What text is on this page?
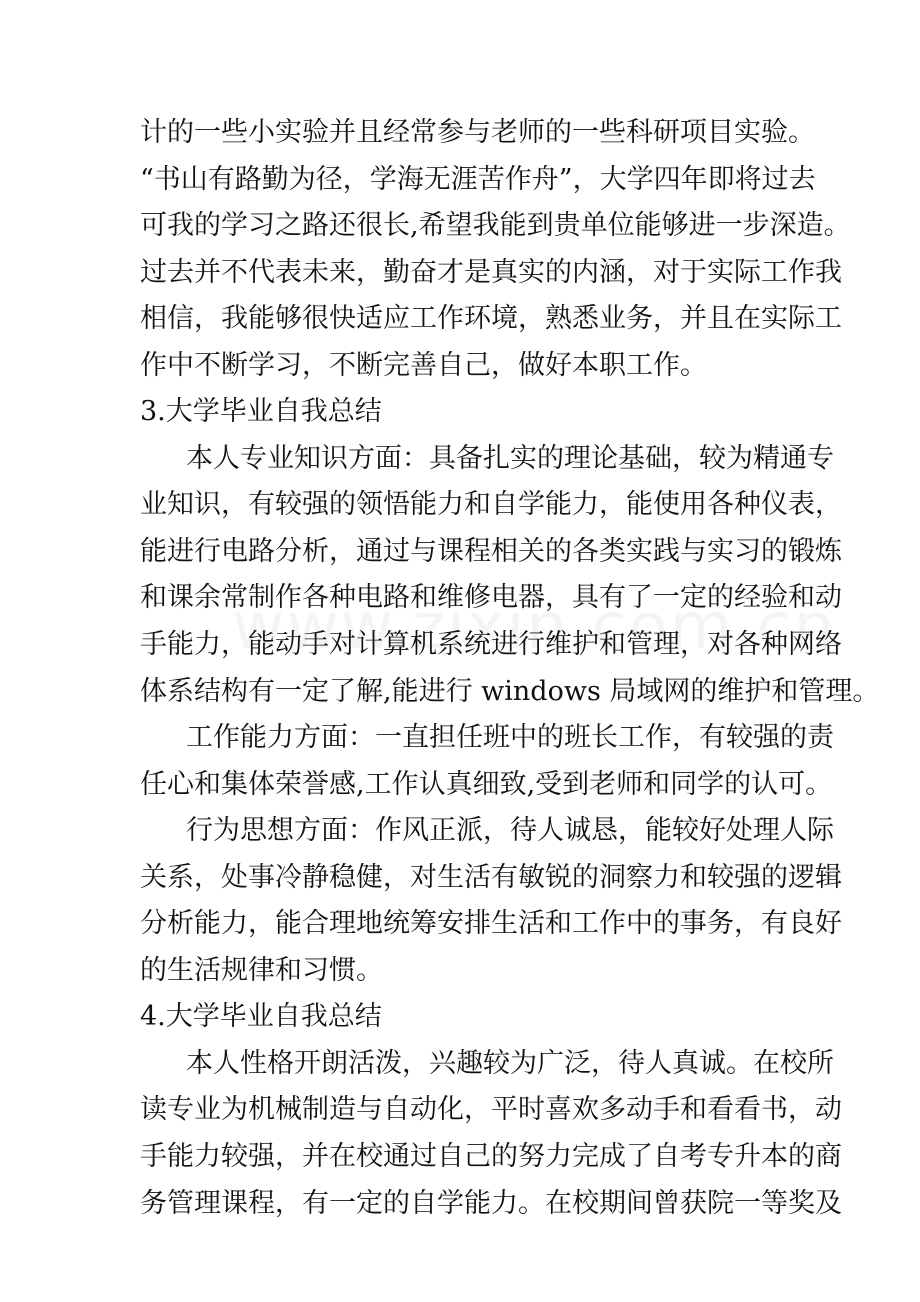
计的一些小实验并且经常参与老师的一些科研项目实验。
“书山有路勤为径，学海无涯苦作舟”，大学四年即将过去
可我的学习之路还很长,希望我能到贵单位能够进一步深造。
过去并不代表未来，勤奋才是真实的内涵，对于实际工作我
相信，我能够很快适应工作环境，熟悉业务，并且在实际工
作中不断学习，不断完善自己，做好本职工作。
3.大学毕业自我总结
本人专业知识方面：具备扎实的理论基础，较为精通专
业知识，有较强的领悟能力和自学能力，能使用各种仪表，
能进行电路分析，通过与课程相关的各类实践与实习的锻炼
和课余常制作各种电路和维修电器，具有了一定的经验和动
手能力，能动手对计算机系统进行维护和管理，对各种网络
体系结构有一定了解,能进行 windows 局域网的维护和管理。
工作能力方面：一直担任班中的班长工作，有较强的责
任心和集体荣誉感,工作认真细致,受到老师和同学的认可。
行为思想方面：作风正派，待人诚恳，能较好处理人际
关系，处事冷静稳健，对生活有敏锐的洞察力和较强的逻辑
分析能力，能合理地统筹安排生活和工作中的事务，有良好
的生活规律和习惯。
4.大学毕业自我总结
本人性格开朗活泼，兴趣较为广泛，待人真诚。在校所
读专业为机械制造与自动化，平时喜欢多动手和看看书，动
手能力较强，并在校通过自己的努力完成了自考专升本的商
务管理课程，有一定的自学能力。在校期间曾获院一等奖及
